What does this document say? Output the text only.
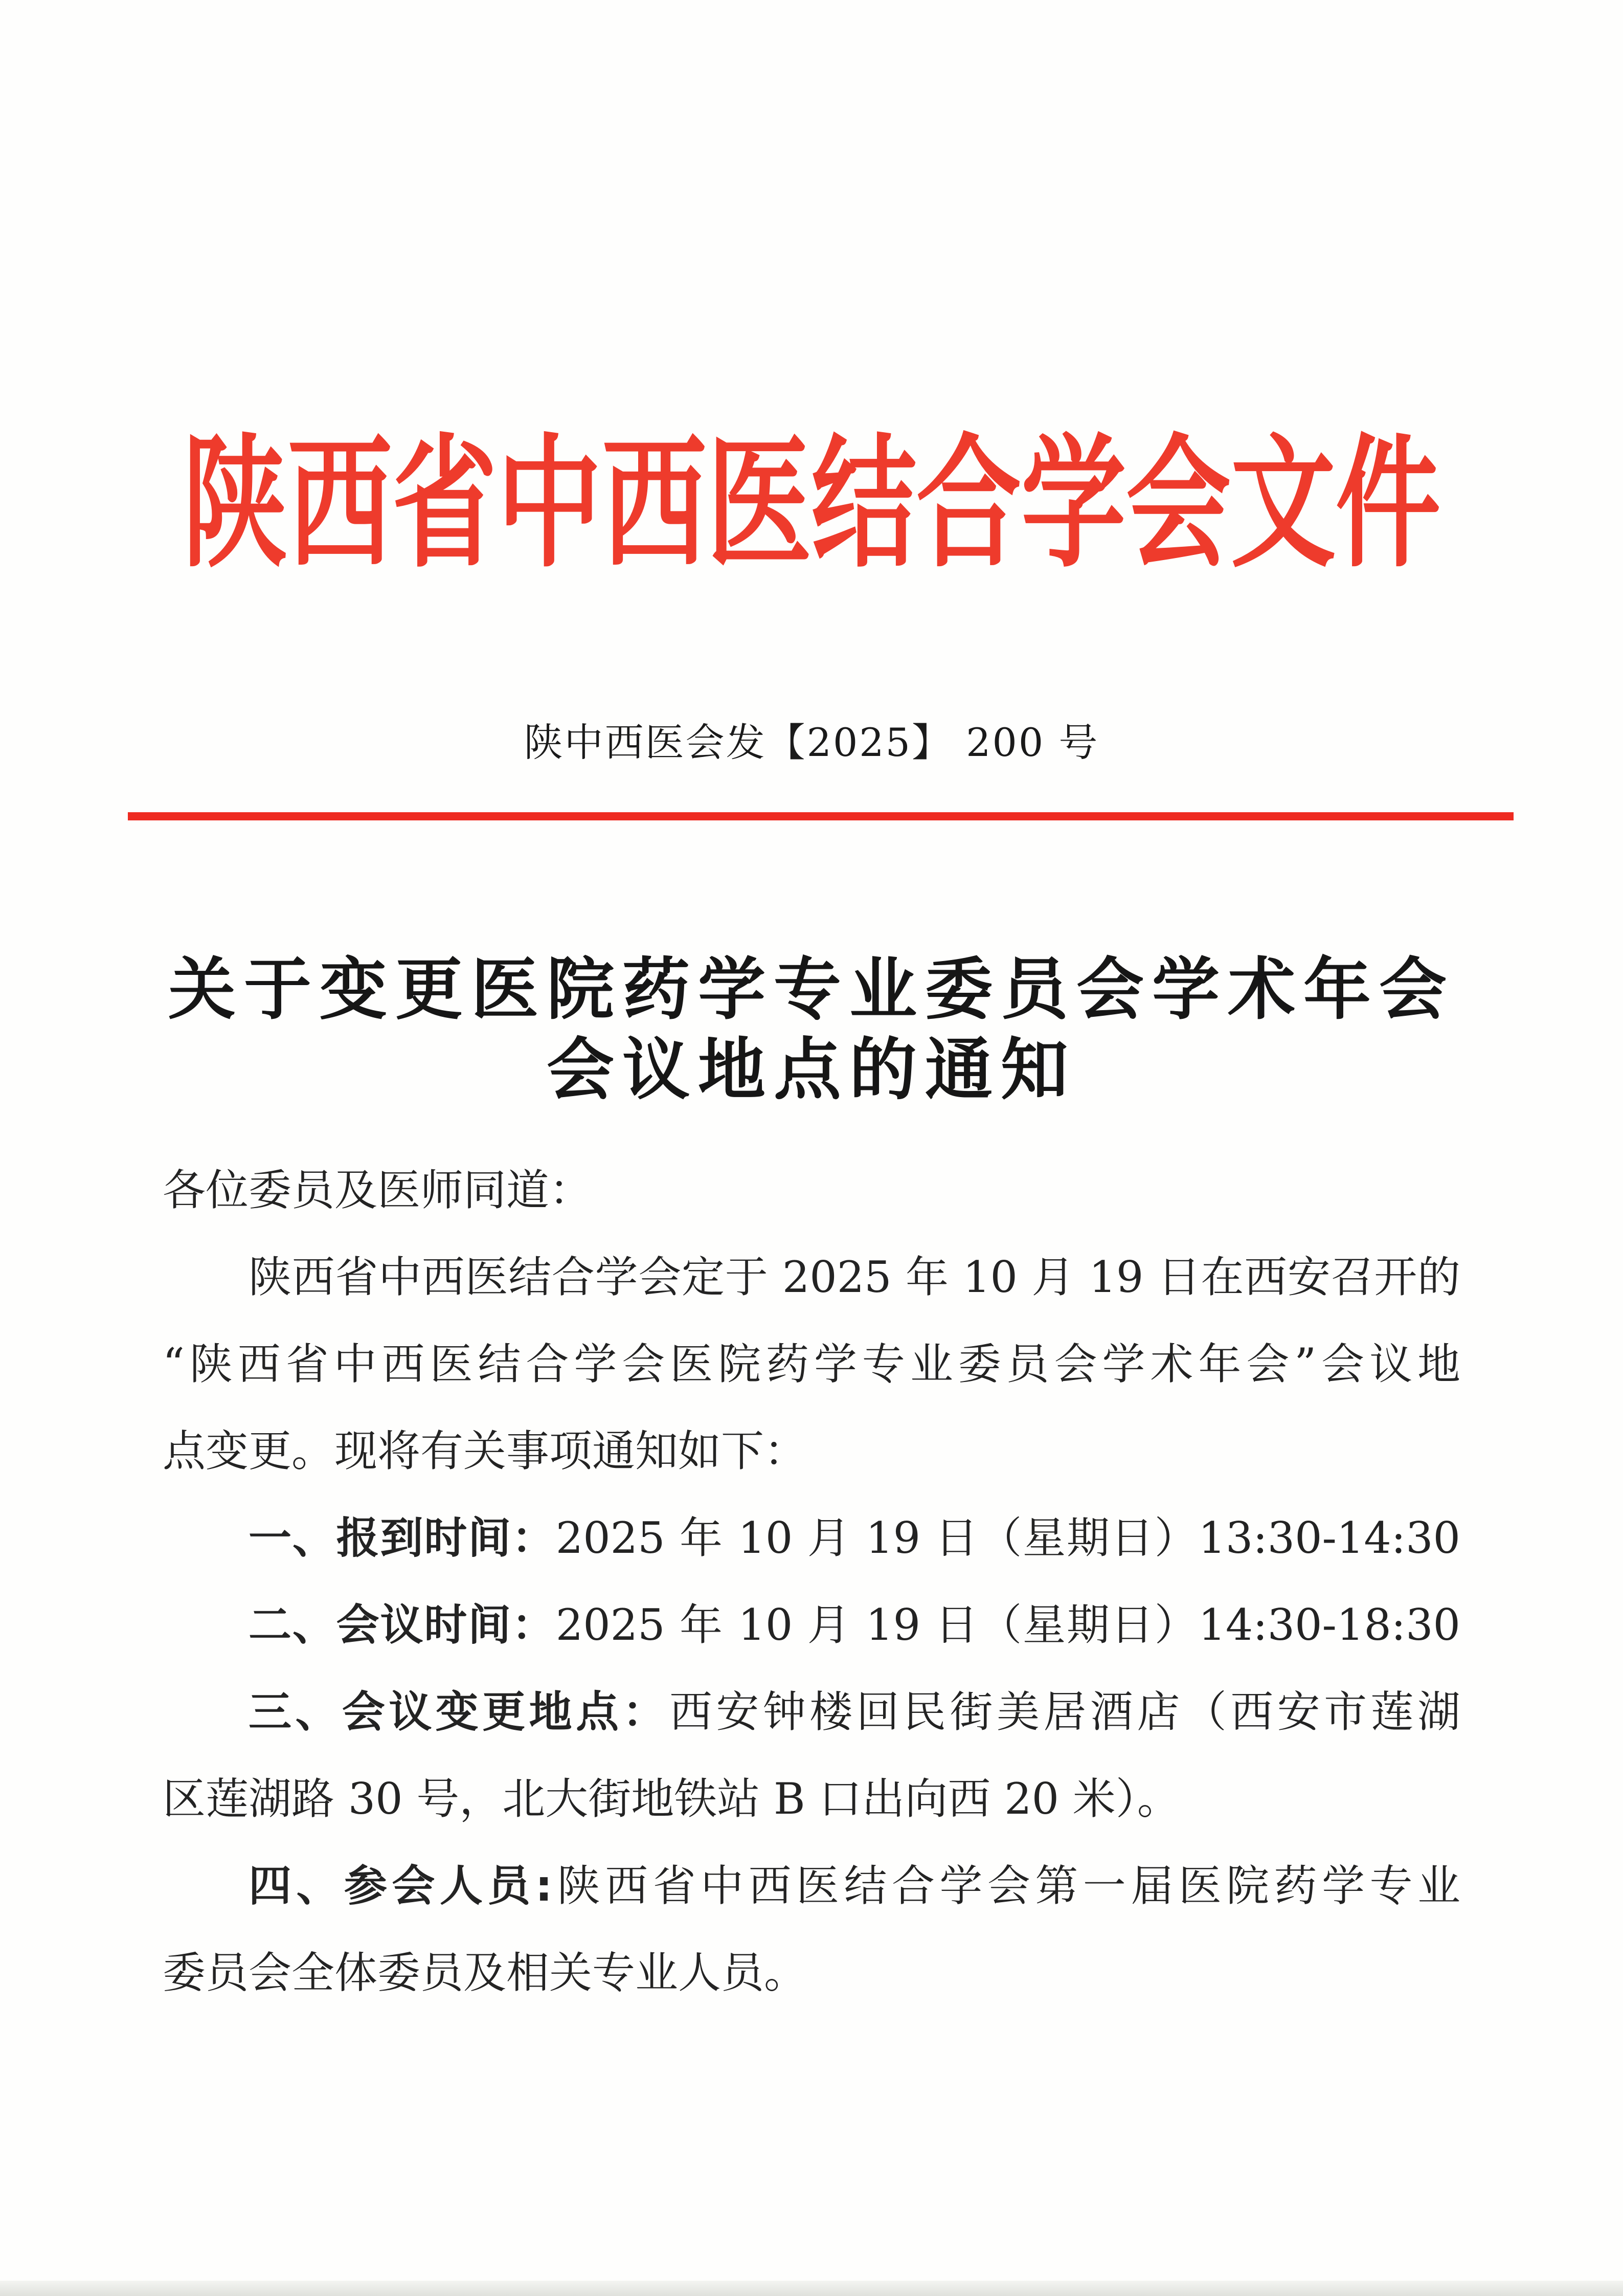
陕西省中西医结合学会文件
陕中西医会发【2025】 200 号
关于变更医院药学专业委员会学术年会
会议地点的通知
各位委员及医师同道：
陕西省中西医结合学会定于 2025 年 10 月 19 日在西安召开的
“陕西省中西医结合学会医院药学专业委员会学术年会”会议地
点变更。现将有关事项通知如下：
一、报到时间：2025 年 10 月 19 日（星期日）13:30-14:30
二、会议时间：2025 年 10 月 19 日（星期日）14:30-18:30
三、会议变更地点：西安钟楼回民街美居酒店（西安市莲湖
区莲湖路 30 号，北大街地铁站 B 口出向西 20 米）。
四、参会人员:陕西省中西医结合学会第一届医院药学专业
委员会全体委员及相关专业人员。
